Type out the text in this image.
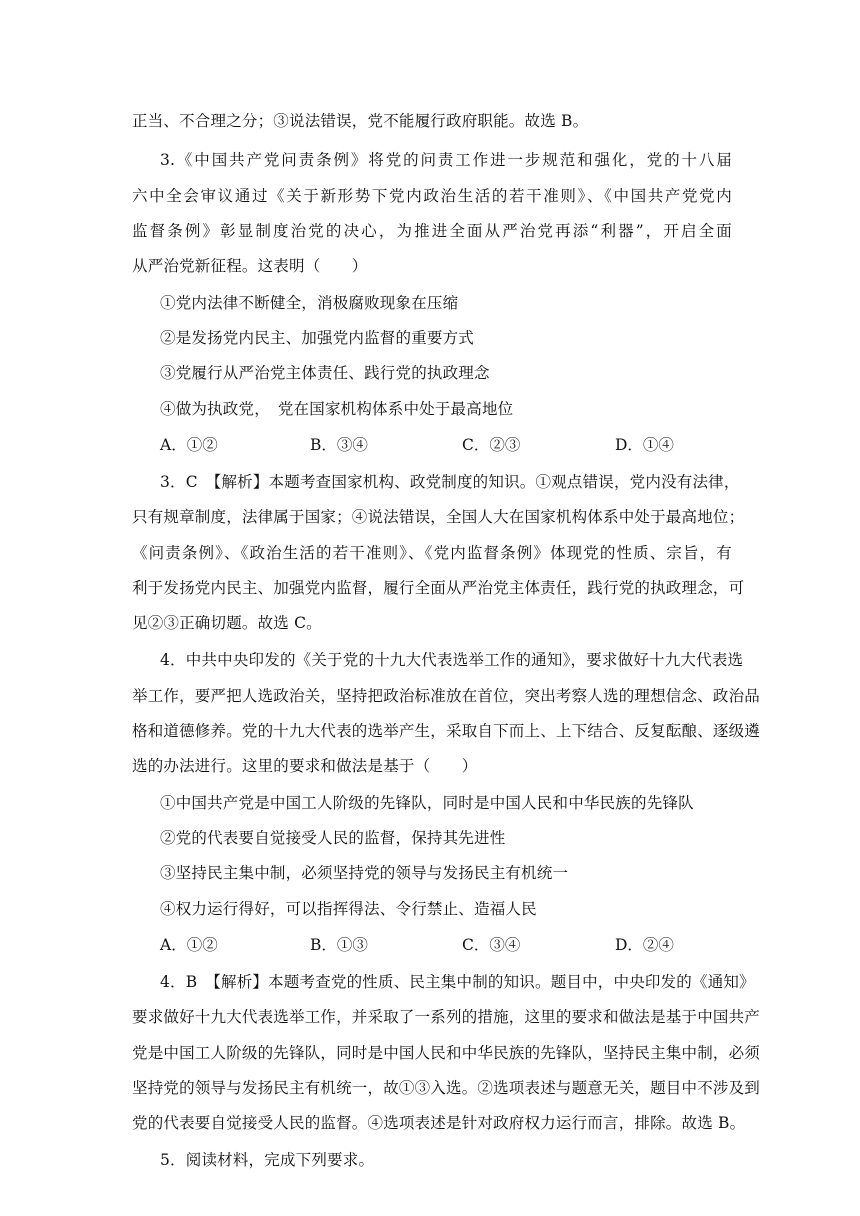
正当、不合理之分；③说法错误，党不能履行政府职能。故选 B。
3.《中国共产党问责条例》将党的问责工作进一步规范和强化，党的十八届
六中全会审议通过《关于新形势下党内政治生活的若干准则》、《中国共产党党内
监督条例》彰显制度治党的决心，为推进全面从严治党再添“利器”，开启全面
从严治党新征程。这表明（　　）
①党内法律不断健全，消极腐败现象在压缩
②是发扬党内民主、加强党内监督的重要方式
③党履行从严治党主体责任、践行党的执政理念
④做为执政党，　党在国家机构体系中处于最高地位
A．①②	B．③④	C．②③	D．①④
3．C　【解析】本题考查国家机构、政党制度的知识。①观点错误，党内没有法律，
只有规章制度，法律属于国家；④说法错误，全国人大在国家机构体系中处于最高地位；
《问责条例》、《政治生活的若干准则》、《党内监督条例》体现党的性质、宗旨，有
利于发扬党内民主、加强党内监督，履行全面从严治党主体责任，践行党的执政理念，可
见②③正确切题。故选 C。
4．中共中央印发的《关于党的十九大代表选举工作的通知》，要求做好十九大代表选
举工作，要严把人选政治关，坚持把政治标准放在首位，突出考察人选的理想信念、政治品
格和道德修养。党的十九大代表的选举产生，采取自下而上、上下结合、反复酝酿、逐级遴
选的办法进行。这里的要求和做法是基于（　　）
①中国共产党是中国工人阶级的先锋队，同时是中国人民和中华民族的先锋队
②党的代表要自觉接受人民的监督，保持其先进性
③坚持民主集中制，必须坚持党的领导与发扬民主有机统一
④权力运行得好，可以指挥得法、令行禁止、造福人民
A．①②	B．①③	C．③④	D．②④
4．B　【解析】本题考查党的性质、民主集中制的知识。题目中，中央印发的《通知》
要求做好十九大代表选举工作，并采取了一系列的措施，这里的要求和做法是基于中国共产
党是中国工人阶级的先锋队，同时是中国人民和中华民族的先锋队，坚持民主集中制，必须
坚持党的领导与发扬民主有机统一，故①③入选。②选项表述与题意无关，题目中不涉及到
党的代表要自觉接受人民的监督。④选项表述是针对政府权力运行而言，排除。故选 B。
5．阅读材料，完成下列要求。
